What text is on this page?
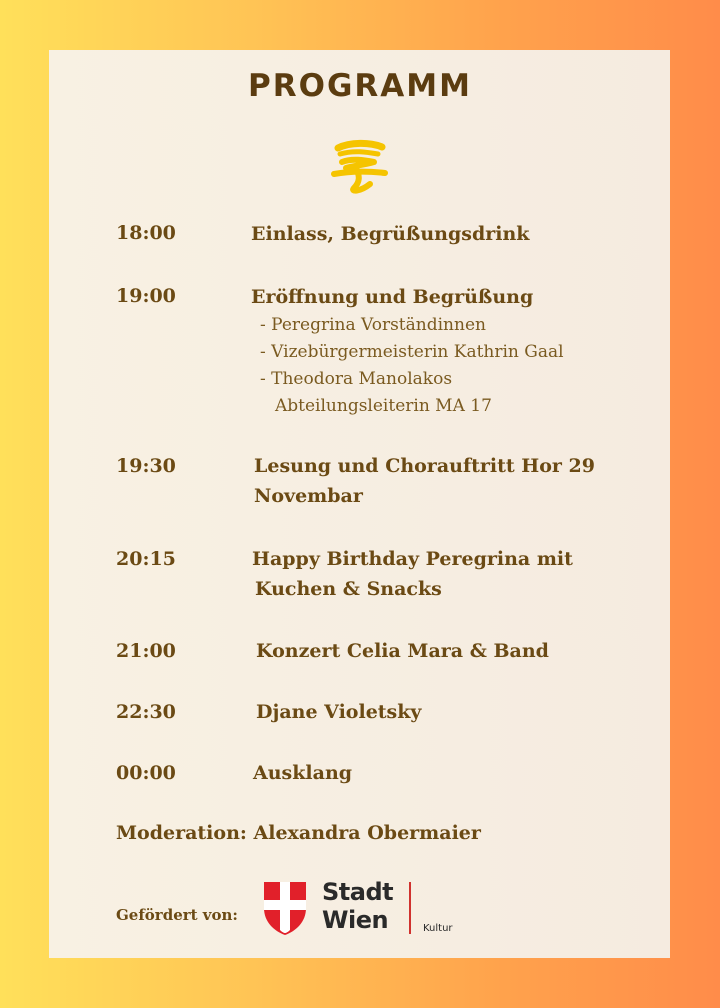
PROGRAMM
18:00	Einlass, Begrüßungsdrink
19:00	Eröffnung und Begrüßung
- Peregrina Vorständinnen
- Vizebürgermeisterin Kathrin Gaal
- Theodora Manolakos
Abteilungsleiterin MA 17
19:30	Lesung und Chorauftritt Hor 29
Novembar
20:15	Happy Birthday Peregrina mit
Kuchen & Snacks
21:00	Konzert Celia Mara & Band
22:30	Djane Violetsky
00:00	Ausklang
Moderation: Alexandra Obermaier
Gefördert von:
Stadt
Wien	Kultur
